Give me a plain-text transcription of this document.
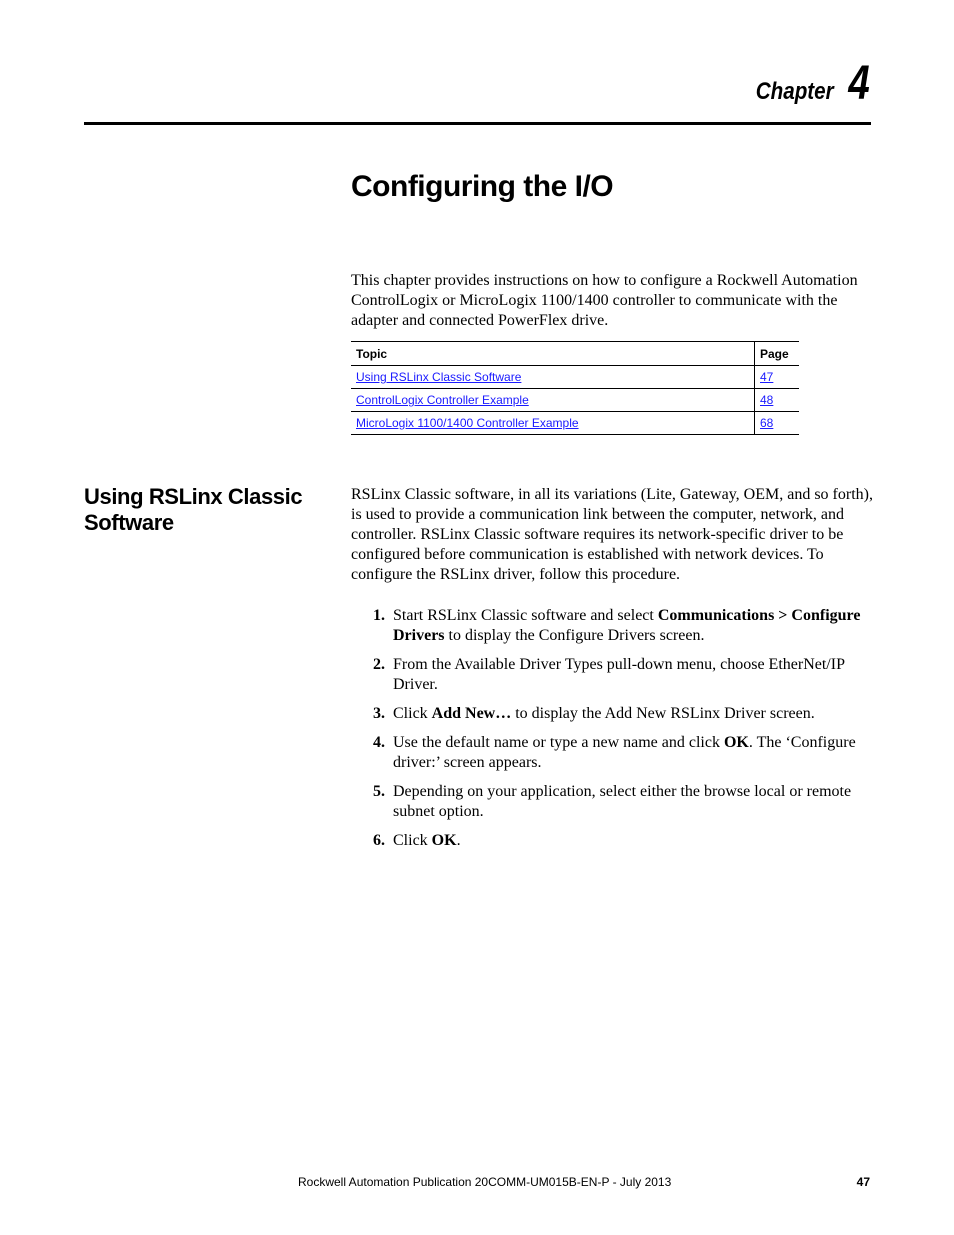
Chapter 4
Configuring the I/O

This chapter provides instructions on how to configure a Rockwell Automation ControlLogix or MicroLogix 1100/1400 controller to communicate with the adapter and connected PowerFlex drive.

Topic	Page
Using RSLinx Classic Software	47
ControlLogix Controller Example	48
MicroLogix 1100/1400 Controller Example	68
Using RSLinx Classic Software

RSLinx Classic software, in all its variations (Lite, Gateway, OEM, and so forth), is used to provide a communication link between the computer, network, and controller. RSLinx Classic software requires its network-specific driver to be configured before communication is established with network devices. To configure the RSLinx driver, follow this procedure.

1. Start RSLinx Classic software and select Communications > Configure Drivers to display the Configure Drivers screen.
2. From the Available Driver Types pull-down menu, choose EtherNet/IP Driver.
3. Click Add New… to display the Add New RSLinx Driver screen.
4. Use the default name or type a new name and click OK. The ‘Configure driver:’ screen appears.
5. Depending on your application, select either the browse local or remote subnet option.
6. Click OK.
Rockwell Automation Publication 20COMM-UM015B-EN-P - July 2013	47
